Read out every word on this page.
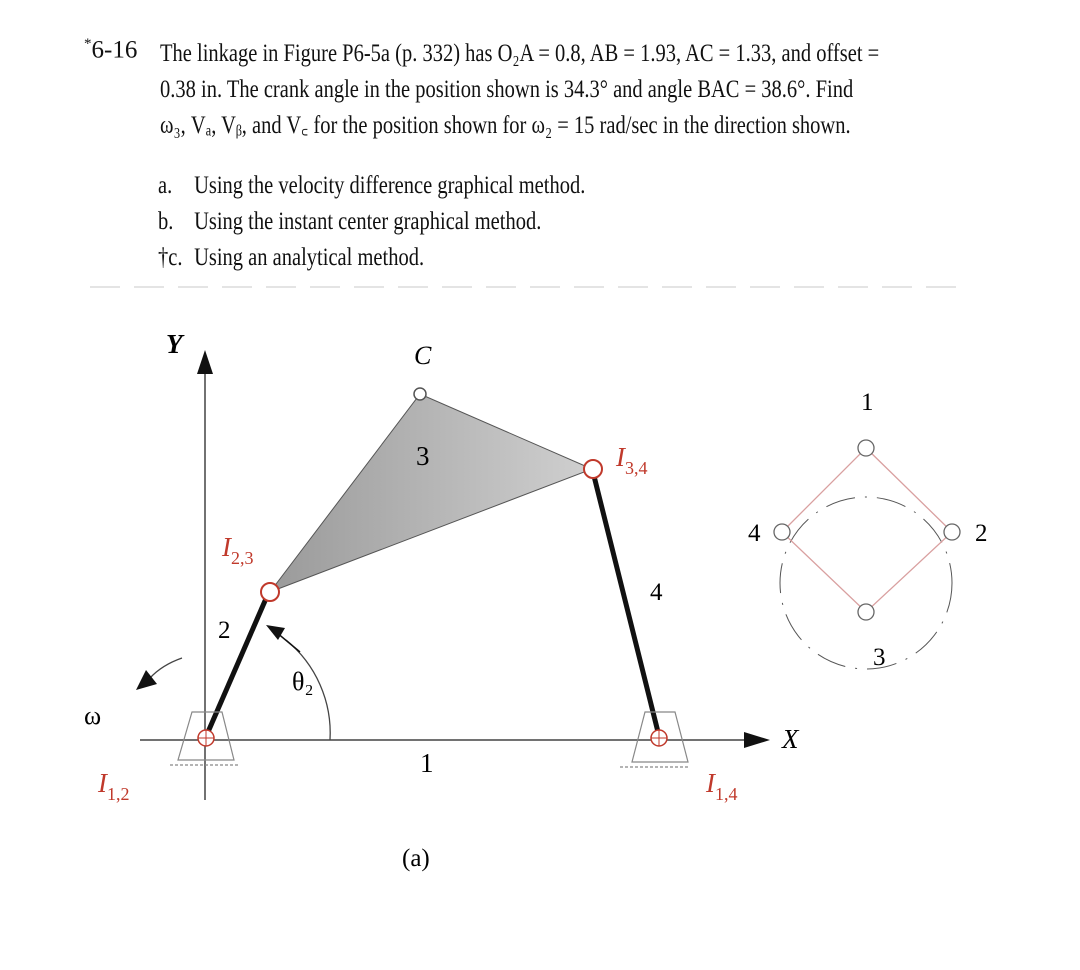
*6-16 The linkage in Figure P6-5a (p. 332) has O₂A = 0.8, AB = 1.93, AC = 1.33, and offset =
0.38 in. The crank angle in the position shown is 34.3° and angle BAC = 38.6°. Find
ω₃, Vₐ, Vᵦ, and V꜀ for the position shown for ω₂ = 15 rad/sec in the direction shown.
a. Using the velocity difference graphical method.
b. Using the instant center graphical method.
†c. Using an analytical method.
Y
X
C
3
2
4
1
θ₂
ω
$I_{2,3}$
$I_{3,4}$
$I_{1,2}$	$I_{1,4}$
(a)
1
2
3
4
